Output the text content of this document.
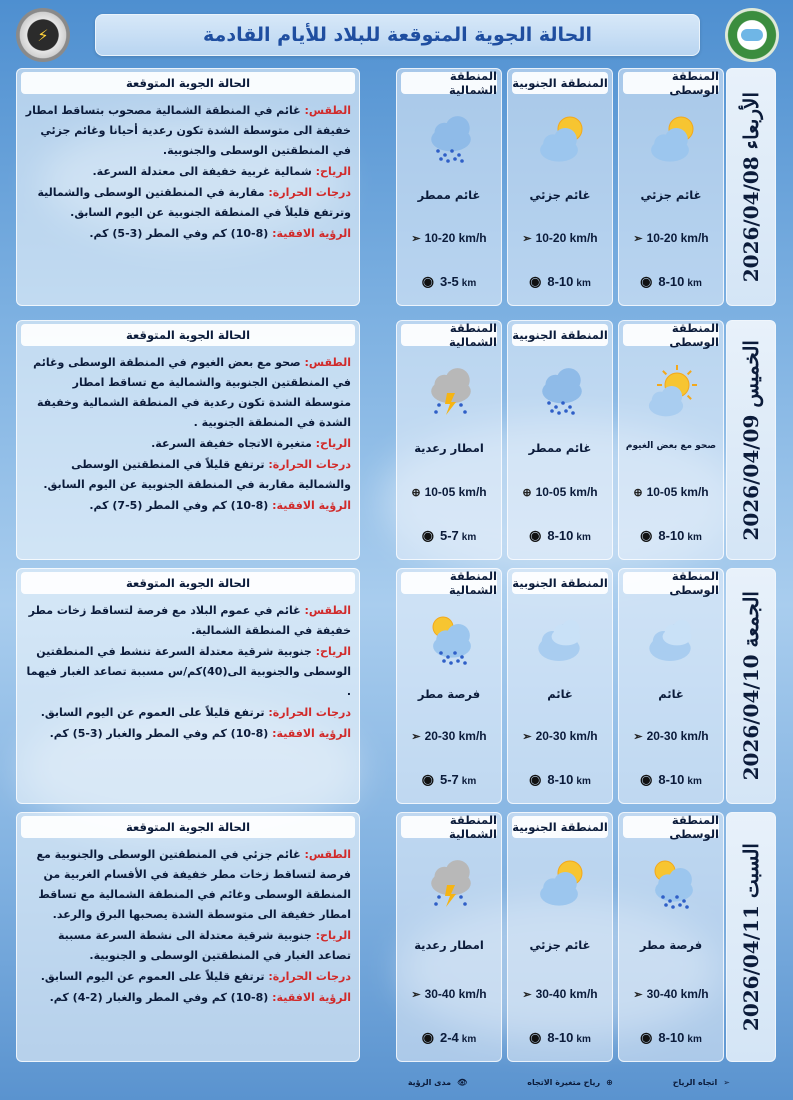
⚡	الحالة الجوية المتوقعة للبلاد للأيام القادمة
الأربعاء 2026/04/08
المنطقة الوسطى
غائم جزئي
➢ 10-20 km/h
◉ 8-10 km
المنطقة الجنوبية
غائم جزئي
➢ 10-20 km/h
◉ 8-10 km
المنطقة الشمالية
غائم ممطر
➢ 10-20 km/h
◉ 3-5 km
الحالة الجوية المتوقعة

الطقس: غائم في المنطقة الشمالية مصحوب بتساقط امطار خفيفة الى متوسطة الشدة تكون رعدية أحيانا وغائم جزئي في المنطقتين الوسطى والجنوبية.

الرياح: شمالية غربية خفيفة الى معتدلة السرعة.

درجات الحرارة: مقاربة في المنطقتين الوسطى والشمالية وترتفع قليلاً في المنطقة الجنوبية عن اليوم السابق.

الرؤية الافقية: (8-10) كم وفي المطر (3-5) كم.

الخميس 2026/04/09
المنطقة الوسطى
صحو مع بعض الغيوم
⊕ 10-05 km/h
◉ 8-10 km
المنطقة الجنوبية
غائم ممطر
⊕ 10-05 km/h
◉ 8-10 km
المنطقة الشمالية
امطار رعدية
⊕ 10-05 km/h
◉ 5-7 km
الحالة الجوية المتوقعة

الطقس: صحو مع بعض الغيوم في المنطقة الوسطى وغائم في المنطقتين الجنوبية والشمالية مع تساقط امطار متوسطة الشدة تكون رعدية في المنطقة الشمالية وخفيفة الشدة في المنطقة الجنوبية .

الرياح: متغيرة الاتجاه خفيفة السرعة.

درجات الحرارة: ترتفع قليلاً في المنطقتين الوسطى والشمالية مقاربة في المنطقة الجنوبية عن اليوم السابق.

الرؤية الافقية: (8-10) كم وفي المطر (5-7) كم.

الجمعة 2026/04/10
المنطقة الوسطى
غائم
➢ 20-30 km/h
◉ 8-10 km
المنطقة الجنوبية
غائم
➢ 20-30 km/h
◉ 8-10 km
المنطقة الشمالية
فرصة مطر
➢ 20-30 km/h
◉ 5-7 km
الحالة الجوية المتوقعة

الطقس: غائم في عموم البلاد مع فرصة لتساقط زخات مطر خفيفة في المنطقة الشمالية.

الرياح: جنوبية شرقية معتدلة السرعة تنشط في المنطقتين الوسطى والجنوبية الى(40)كم/س مسببة تصاعد الغبار فيهما .

درجات الحرارة: ترتفع قليلاً على العموم عن اليوم السابق.

الرؤية الافقية: (8-10) كم وفي المطر والغبار (3-5) كم.

السبت 2026/04/11
المنطقة الوسطى
فرصة مطر
➢ 30-40 km/h
◉ 8-10 km
المنطقة الجنوبية
غائم جزئي
➢ 30-40 km/h
◉ 8-10 km
المنطقة الشمالية
امطار رعدية
➢ 30-40 km/h
◉ 2-4 km
الحالة الجوية المتوقعة

الطقس: غائم جزئي في المنطقتين الوسطى والجنوبية مع فرصة لتساقط زخات مطر خفيفة في الأقسام الغربية من المنطقة الوسطى وغائم في المنطقة الشمالية مع تساقط امطار خفيفة الى متوسطة الشدة يصحبها البرق والرعد.

الرياح: جنوبية شرقية معتدلة الى نشطة السرعة مسببة تصاعد الغبار في المنطقتين الوسطى و الجنوبية.

درجات الحرارة: ترتفع قليلاً على العموم عن اليوم السابق.

الرؤية الافقية: (8-10) كم وفي المطر والغبار (2-4) كم.

➢
اتجاه الرياح
⊕
رياح متغيرة الاتجاه
👁
مدى الرؤية
